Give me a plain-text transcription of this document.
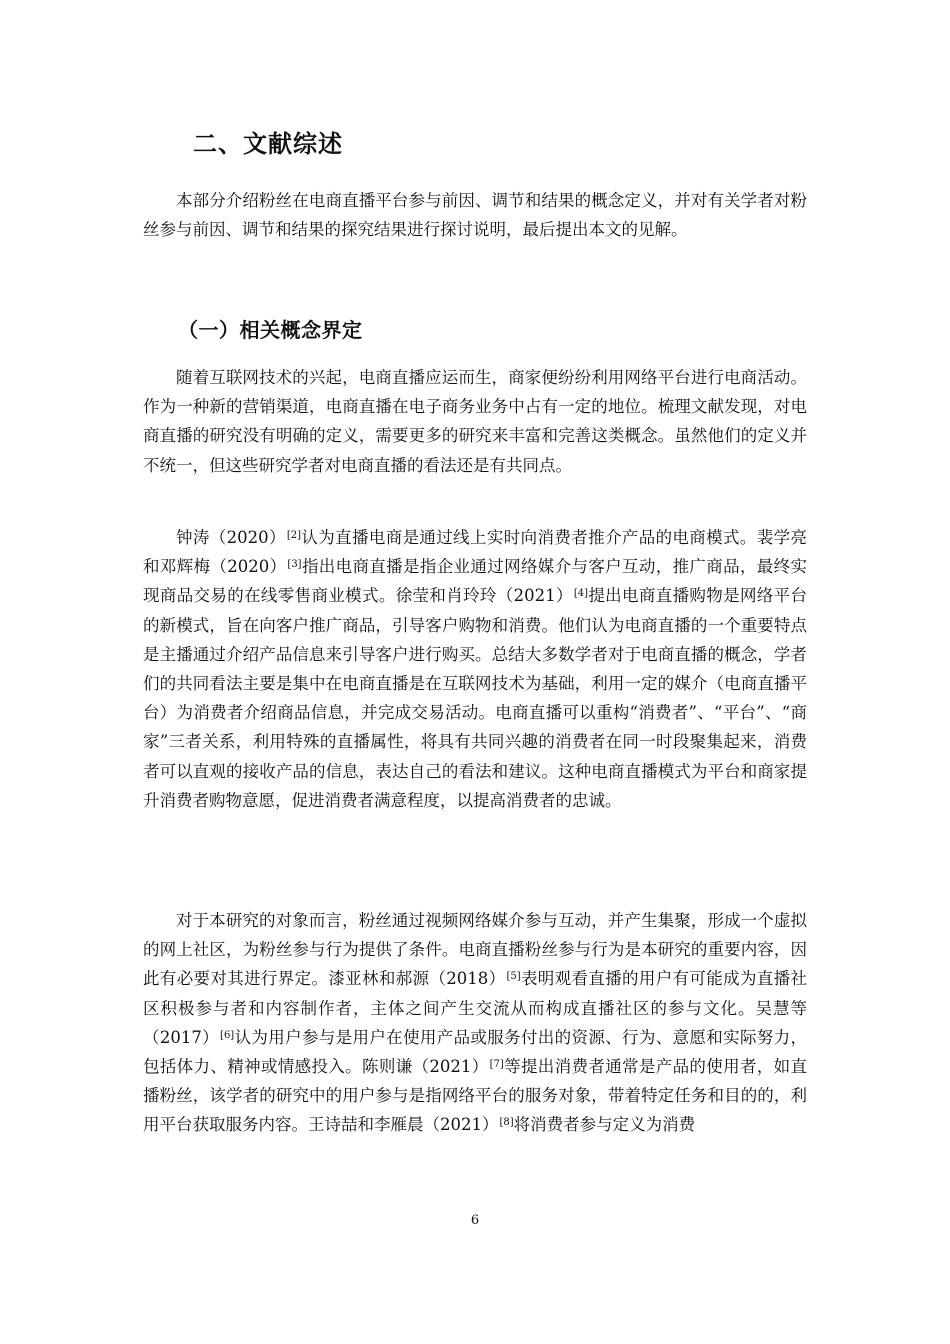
二、文献综述

本部分介绍粉丝在电商直播平台参与前因、调节和结果的概念定义，并对有关学者对粉丝参与前因、调节和结果的探究结果进行探讨说明，最后提出本文的见解。

（一）相关概念界定

随着互联网技术的兴起，电商直播应运而生，商家便纷纷利用网络平台进行电商活动。作为一种新的营销渠道，电商直播在电子商务业务中占有一定的地位。梳理文献发现，对电商直播的研究没有明确的定义，需要更多的研究来丰富和完善这类概念。虽然他们的定义并不统一，但这些研究学者对电商直播的看法还是有共同点。

钟涛（2020）[2]认为直播电商是通过线上实时向消费者推介产品的电商模式。裴学亮和邓辉梅（2020）[3]指出电商直播是指企业通过网络媒介与客户互动，推广商品，最终实现商品交易的在线零售商业模式。徐莹和肖玲玲（2021）[4]提出电商直播购物是网络平台的新模式，旨在向客户推广商品，引导客户购物和消费。他们认为电商直播的一个重要特点是主播通过介绍产品信息来引导客户进行购买。总结大多数学者对于电商直播的概念，学者们的共同看法主要是集中在电商直播是在互联网技术为基础，利用一定的媒介（电商直播平台）为消费者介绍商品信息，并完成交易活动。电商直播可以重构“消费者”、“平台”、“商家”三者关系，利用特殊的直播属性，将具有共同兴趣的消费者在同一时段聚集起来，消费者可以直观的接收产品的信息，表达自己的看法和建议。这种电商直播模式为平台和商家提升消费者购物意愿，促进消费者满意程度，以提高消费者的忠诚。

对于本研究的对象而言，粉丝通过视频网络媒介参与互动，并产生集聚，形成一个虚拟的网上社区，为粉丝参与行为提供了条件。电商直播粉丝参与行为是本研究的重要内容，因此有必要对其进行界定。漆亚林和郝源（2018）[5]表明观看直播的用户有可能成为直播社区积极参与者和内容制作者，主体之间产生交流从而构成直播社区的参与文化。吴慧等（2017）[6]认为用户参与是用户在使用产品或服务付出的资源、行为、意愿和实际努力，包括体力、精神或情感投入。陈则谦（2021）[7]等提出消费者通常是产品的使用者，如直播粉丝，该学者的研究中的用户参与是指网络平台的服务对象，带着特定任务和目的的，利用平台获取服务内容。王诗喆和李雁晨（2021）[8]将消费者参与定义为消费

6
